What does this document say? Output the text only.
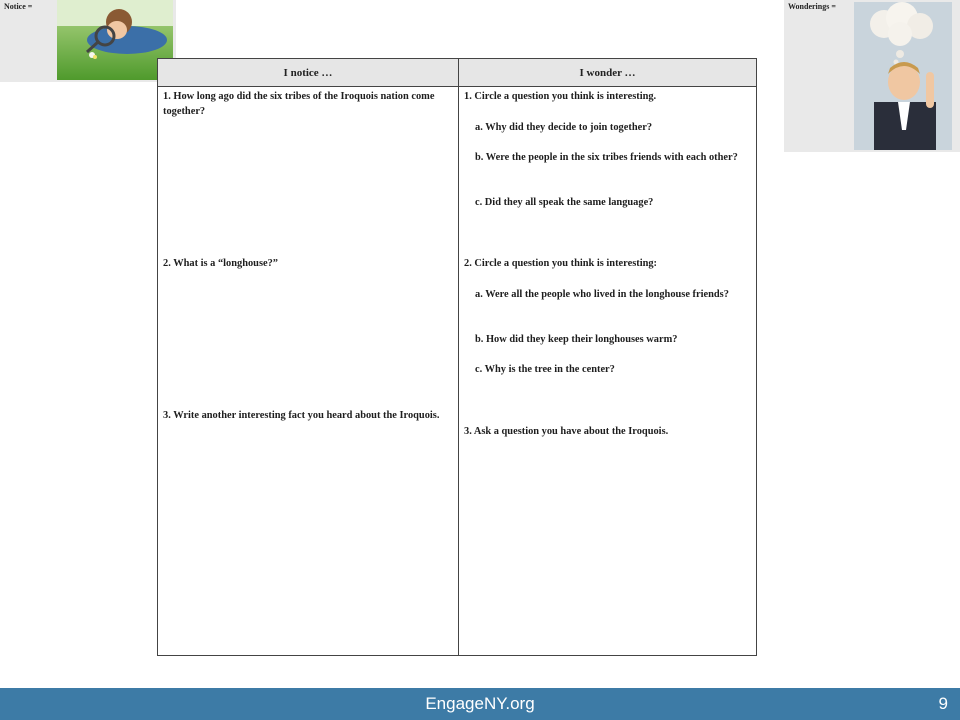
Notice =	Wonderings =
I notice …
1. How long ago did the six tribes of the Iroquois nation come together?
2. What is a “longhouse?”
3. Write another interesting fact you heard about the Iroquois.
I wonder …
1. Circle a question you think is interesting.
a. Why did they decide to join together?
b. Were the people in the six tribes friends with each other?
c. Did they all speak the same language?
2. Circle a question you think is interesting:
a. Were all the people who lived in the longhouse friends?
b. How did they keep their longhouses warm?
c. Why is the tree in the center?
3. Ask a question you have about the Iroquois.
EngageNY.org	9
